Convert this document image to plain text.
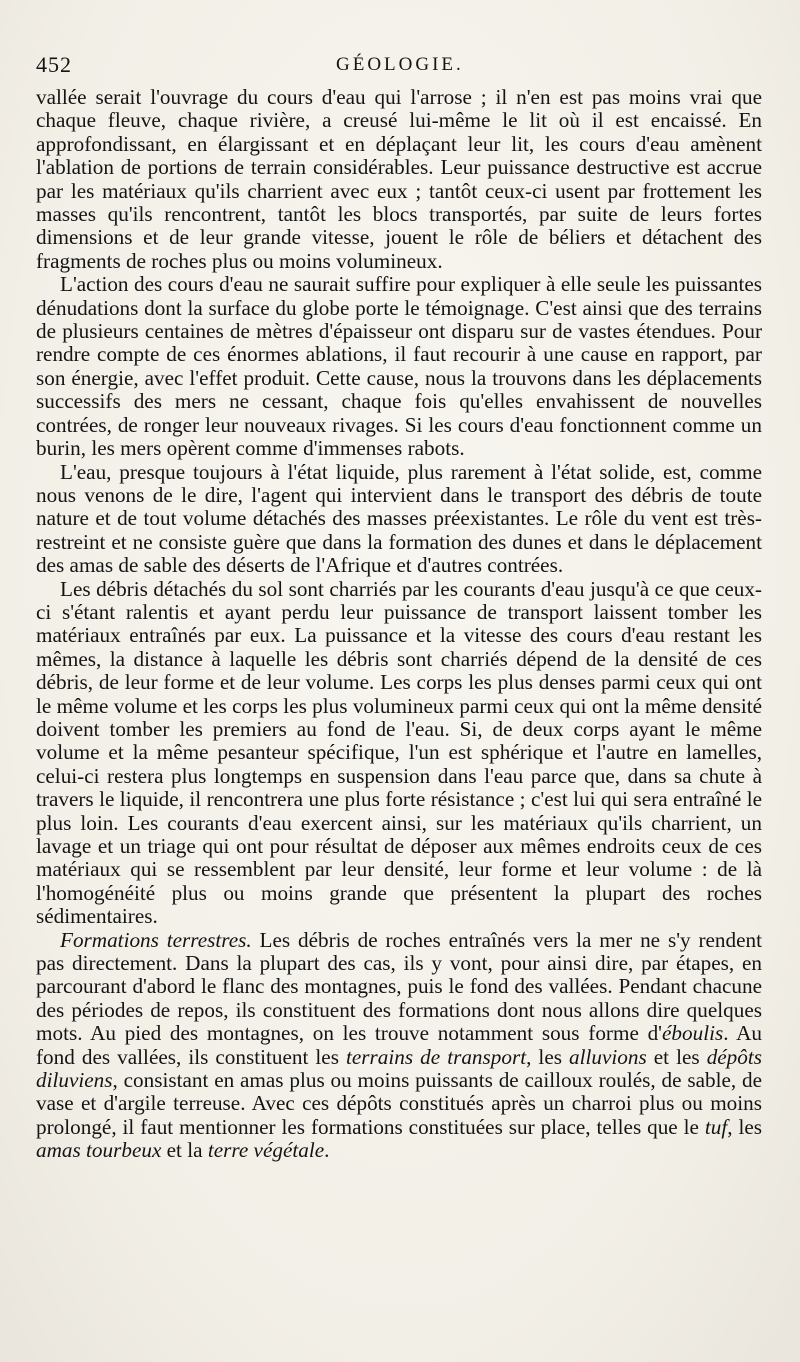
452	GÉOLOGIE.

vallée serait l'ouvrage du cours d'eau qui l'arrose ; il n'en est pas moins vrai que chaque fleuve, chaque rivière, a creusé lui-même le lit où il est encaissé. En approfondissant, en élargissant et en déplaçant leur lit, les cours d'eau amènent l'ablation de portions de terrain considérables. Leur puissance destructive est accrue par les matériaux qu'ils charrient avec eux ; tantôt ceux-ci usent par frottement les masses qu'ils rencontrent, tantôt les blocs transportés, par suite de leurs fortes dimensions et de leur grande vitesse, jouent le rôle de béliers et détachent des fragments de roches plus ou moins volumineux.

L'action des cours d'eau ne saurait suffire pour expliquer à elle seule les puissantes dénudations dont la surface du globe porte le témoignage. C'est ainsi que des terrains de plusieurs centaines de mètres d'épaisseur ont disparu sur de vastes étendues. Pour rendre compte de ces énormes ablations, il faut recourir à une cause en rapport, par son énergie, avec l'effet produit. Cette cause, nous la trouvons dans les déplacements successifs des mers ne cessant, chaque fois qu'elles envahissent de nouvelles contrées, de ronger leur nouveaux rivages. Si les cours d'eau fonctionnent comme un burin, les mers opèrent comme d'immenses rabots.

L'eau, presque toujours à l'état liquide, plus rarement à l'état solide, est, comme nous venons de le dire, l'agent qui intervient dans le transport des débris de toute nature et de tout volume détachés des masses préexistantes. Le rôle du vent est très-restreint et ne consiste guère que dans la formation des dunes et dans le déplacement des amas de sable des déserts de l'Afrique et d'autres contrées.

Les débris détachés du sol sont charriés par les courants d'eau jusqu'à ce que ceux-ci s'étant ralentis et ayant perdu leur puissance de transport laissent tomber les matériaux entraînés par eux. La puissance et la vitesse des cours d'eau restant les mêmes, la distance à laquelle les débris sont charriés dépend de la densité de ces débris, de leur forme et de leur volume. Les corps les plus denses parmi ceux qui ont le même volume et les corps les plus volumineux parmi ceux qui ont la même densité doivent tomber les premiers au fond de l'eau. Si, de deux corps ayant le même volume et la même pesanteur spécifique, l'un est sphérique et l'autre en lamelles, celui-ci restera plus longtemps en suspension dans l'eau parce que, dans sa chute à travers le liquide, il rencontrera une plus forte résistance ; c'est lui qui sera entraîné le plus loin. Les courants d'eau exercent ainsi, sur les matériaux qu'ils charrient, un lavage et un triage qui ont pour résultat de déposer aux mêmes endroits ceux de ces matériaux qui se ressemblent par leur densité, leur forme et leur volume : de là l'homogénéité plus ou moins grande que présentent la plupart des roches sédimentaires.

Formations terrestres. Les débris de roches entraînés vers la mer ne s'y rendent pas directement. Dans la plupart des cas, ils y vont, pour ainsi dire, par étapes, en parcourant d'abord le flanc des montagnes, puis le fond des vallées. Pendant chacune des périodes de repos, ils constituent des formations dont nous allons dire quelques mots. Au pied des montagnes, on les trouve notamment sous forme d'éboulis. Au fond des vallées, ils constituent les terrains de transport, les alluvions et les dépôts diluviens, consistant en amas plus ou moins puissants de cailloux roulés, de sable, de vase et d'argile terreuse. Avec ces dépôts constitués après un charroi plus ou moins prolongé, il faut mentionner les formations constituées sur place, telles que le tuf, les amas tourbeux et la terre végétale.
